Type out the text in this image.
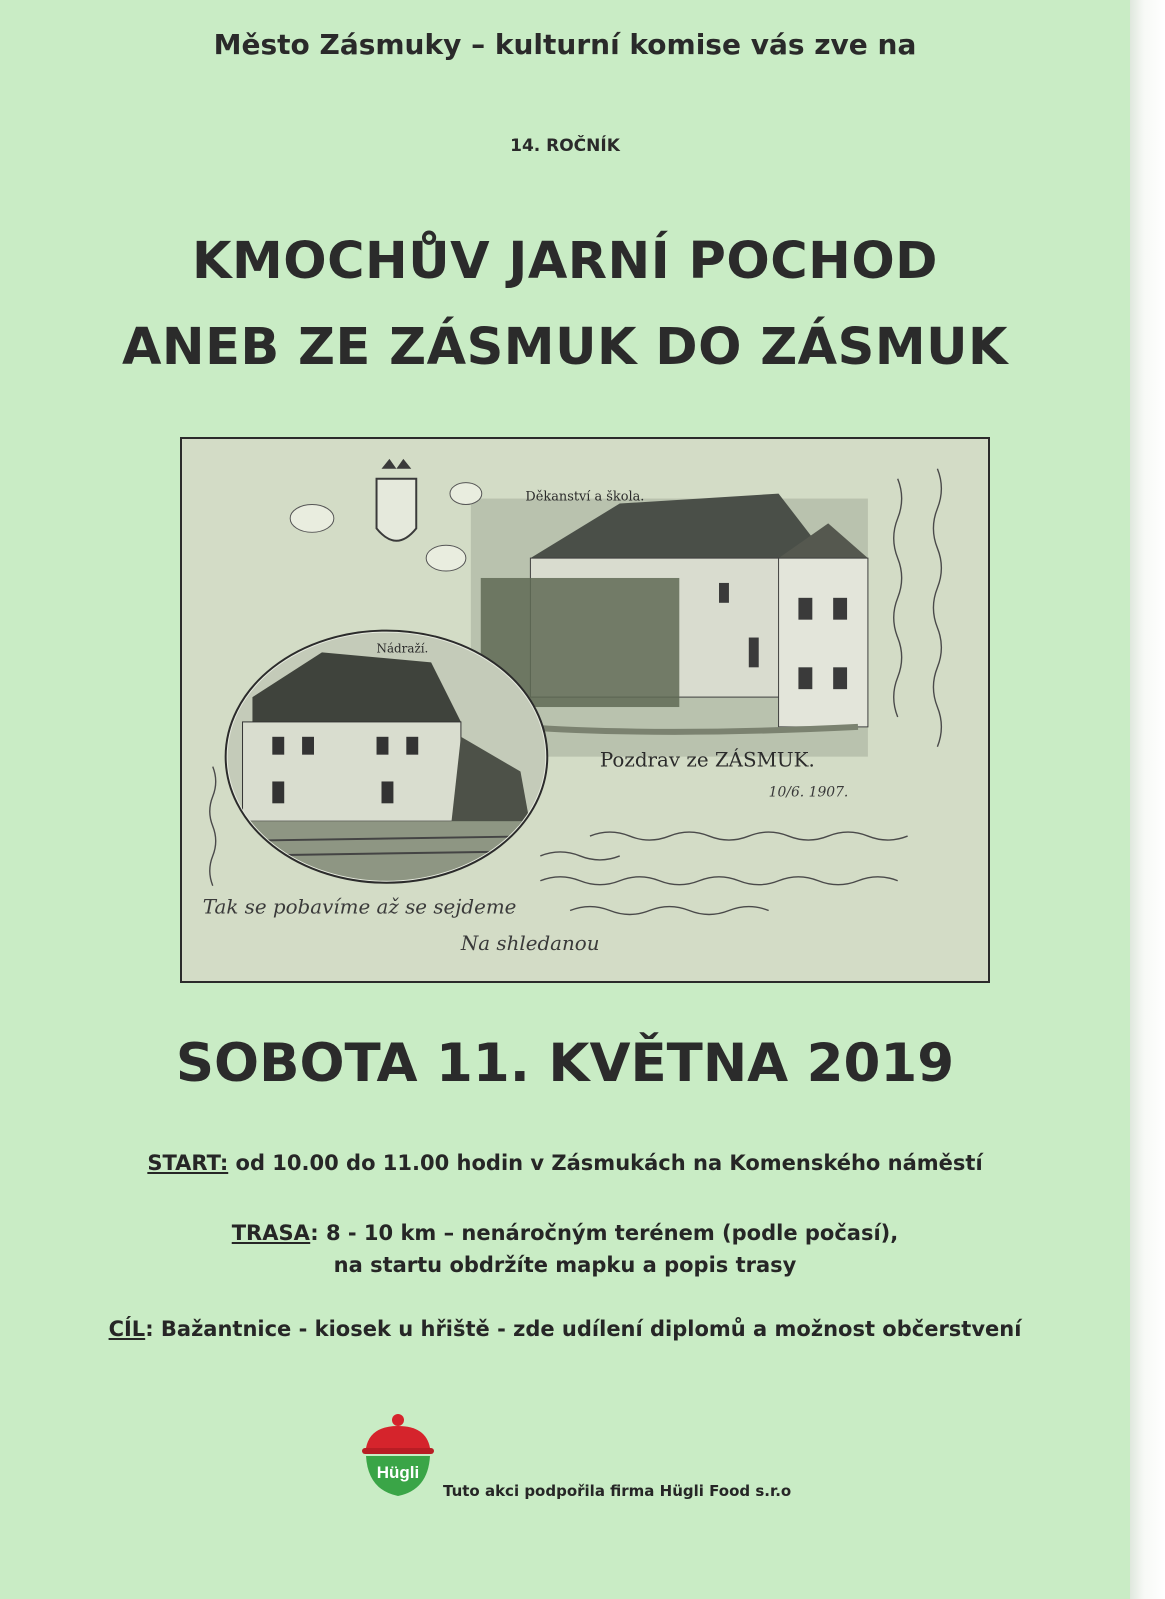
Město Zásmuky – kulturní komise vás zve na
14. ROČNÍK
KMOCHŮV JARNÍ POCHOD
ANEB ZE ZÁSMUK DO ZÁSMUK
Děkanství a škola.
Nádraží.
Pozdrav ze ZÁSMUK.
10/6. 1907.
Tak se pobavíme až se sejdeme
Na shledanou
SOBOTA 11. KVĚTNA 2019
START: od 10.00 do 11.00 hodin v Zásmukách na Komenského náměstí
TRASA: 8 - 10 km – nenáročným terénem (podle počasí),
na startu obdržíte mapku a popis trasy
CÍL: Bažantnice - kiosek u hřiště - zde udílení diplomů a možnost občerstvení
Hügli
Tuto akci podpořila firma Hügli Food s.r.o
